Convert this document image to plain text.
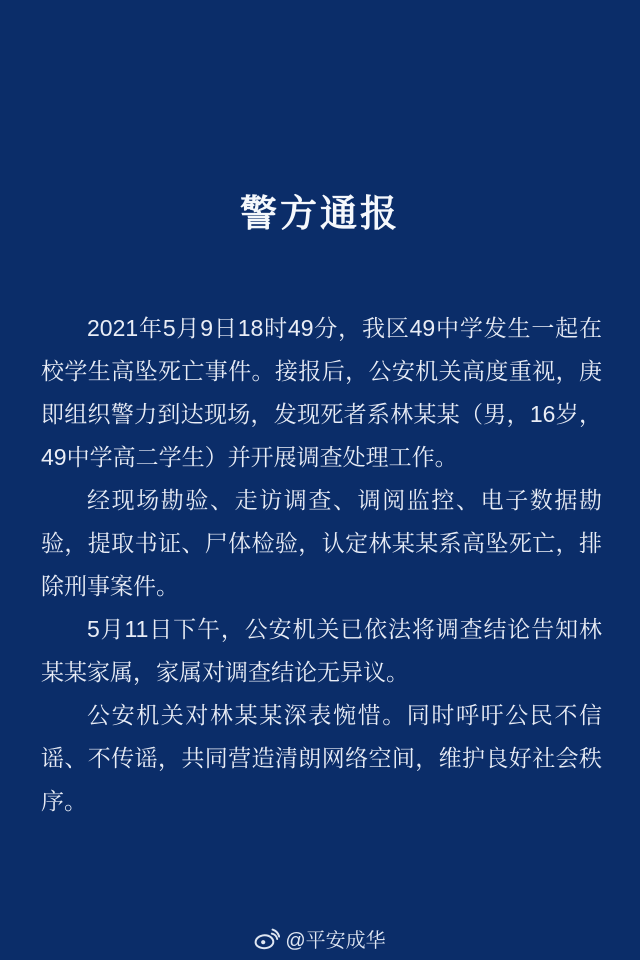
警方通报

2021年5月9日18时49分，我区49中学发生一起在校学生高坠死亡事件。接报后，公安机关高度重视，庚即组织警力到达现场，发现死者系林某某（男，16岁，49中学高二学生）并开展调查处理工作。

经现场勘验、走访调查、调阅监控、电子数据勘验，提取书证、尸体检验，认定林某某系高坠死亡，排除刑事案件。

5月11日下午，公安机关已依法将调查结论告知林某某家属，家属对调查结论无异议。

公安机关对林某某深表惋惜。同时呼吁公民不信谣、不传谣，共同营造清朗网络空间，维护良好社会秩序。

@平安成华
